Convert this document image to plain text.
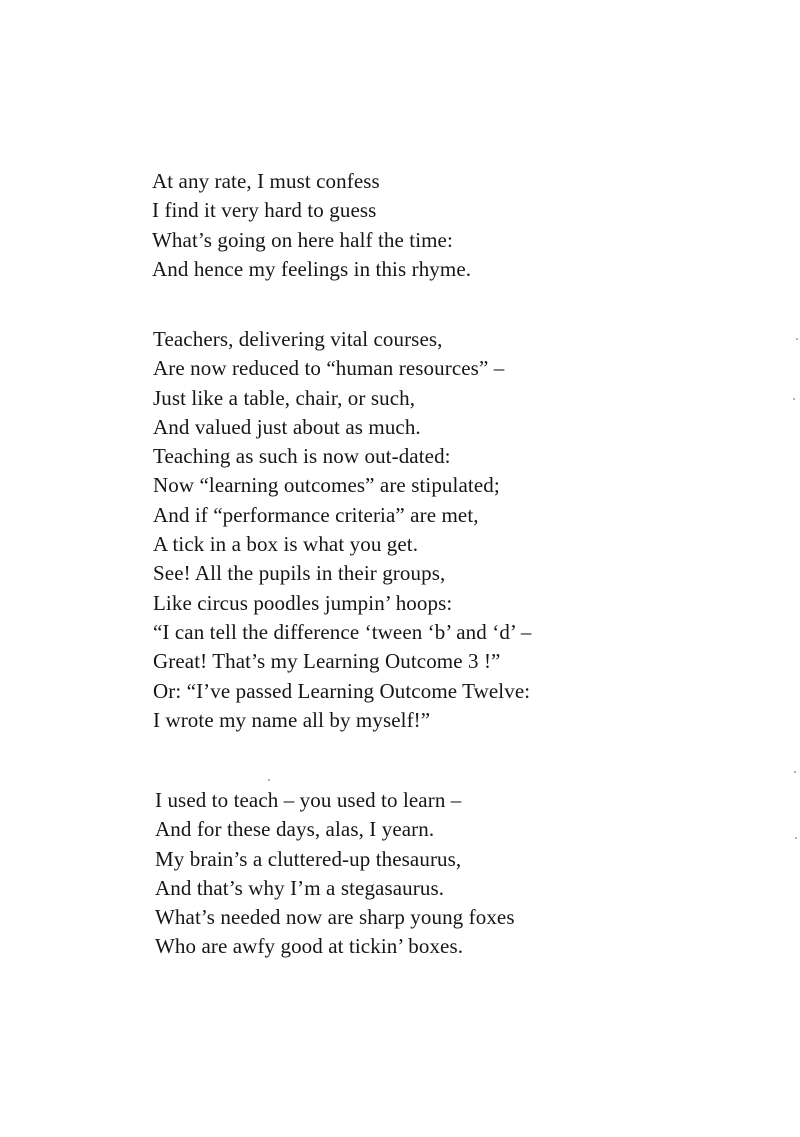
At any rate, I must confess
I find it very hard to guess
What’s going on here half the time:
And hence my feelings in this rhyme.
Teachers, delivering vital courses,
Are now reduced to “human resources” –
Just like a table, chair, or such,
And valued just about as much.
Teaching as such is now out-dated:
Now “learning outcomes” are stipulated;
And if “performance criteria” are met,
A tick in a box is what you get.
See! All the pupils in their groups,
Like circus poodles jumpin’ hoops:
“I can tell the difference ‘tween ‘b’ and ‘d’ –
Great! That’s my Learning Outcome 3 !”
Or: “I’ve passed Learning Outcome Twelve:
I wrote my name all by myself!”
I used to teach – you used to learn –
And for these days, alas, I yearn.
My brain’s a cluttered-up thesaurus,
And that’s why I’m a stegasaurus.
What’s needed now are sharp young foxes
Who are awfy good at tickin’ boxes.
